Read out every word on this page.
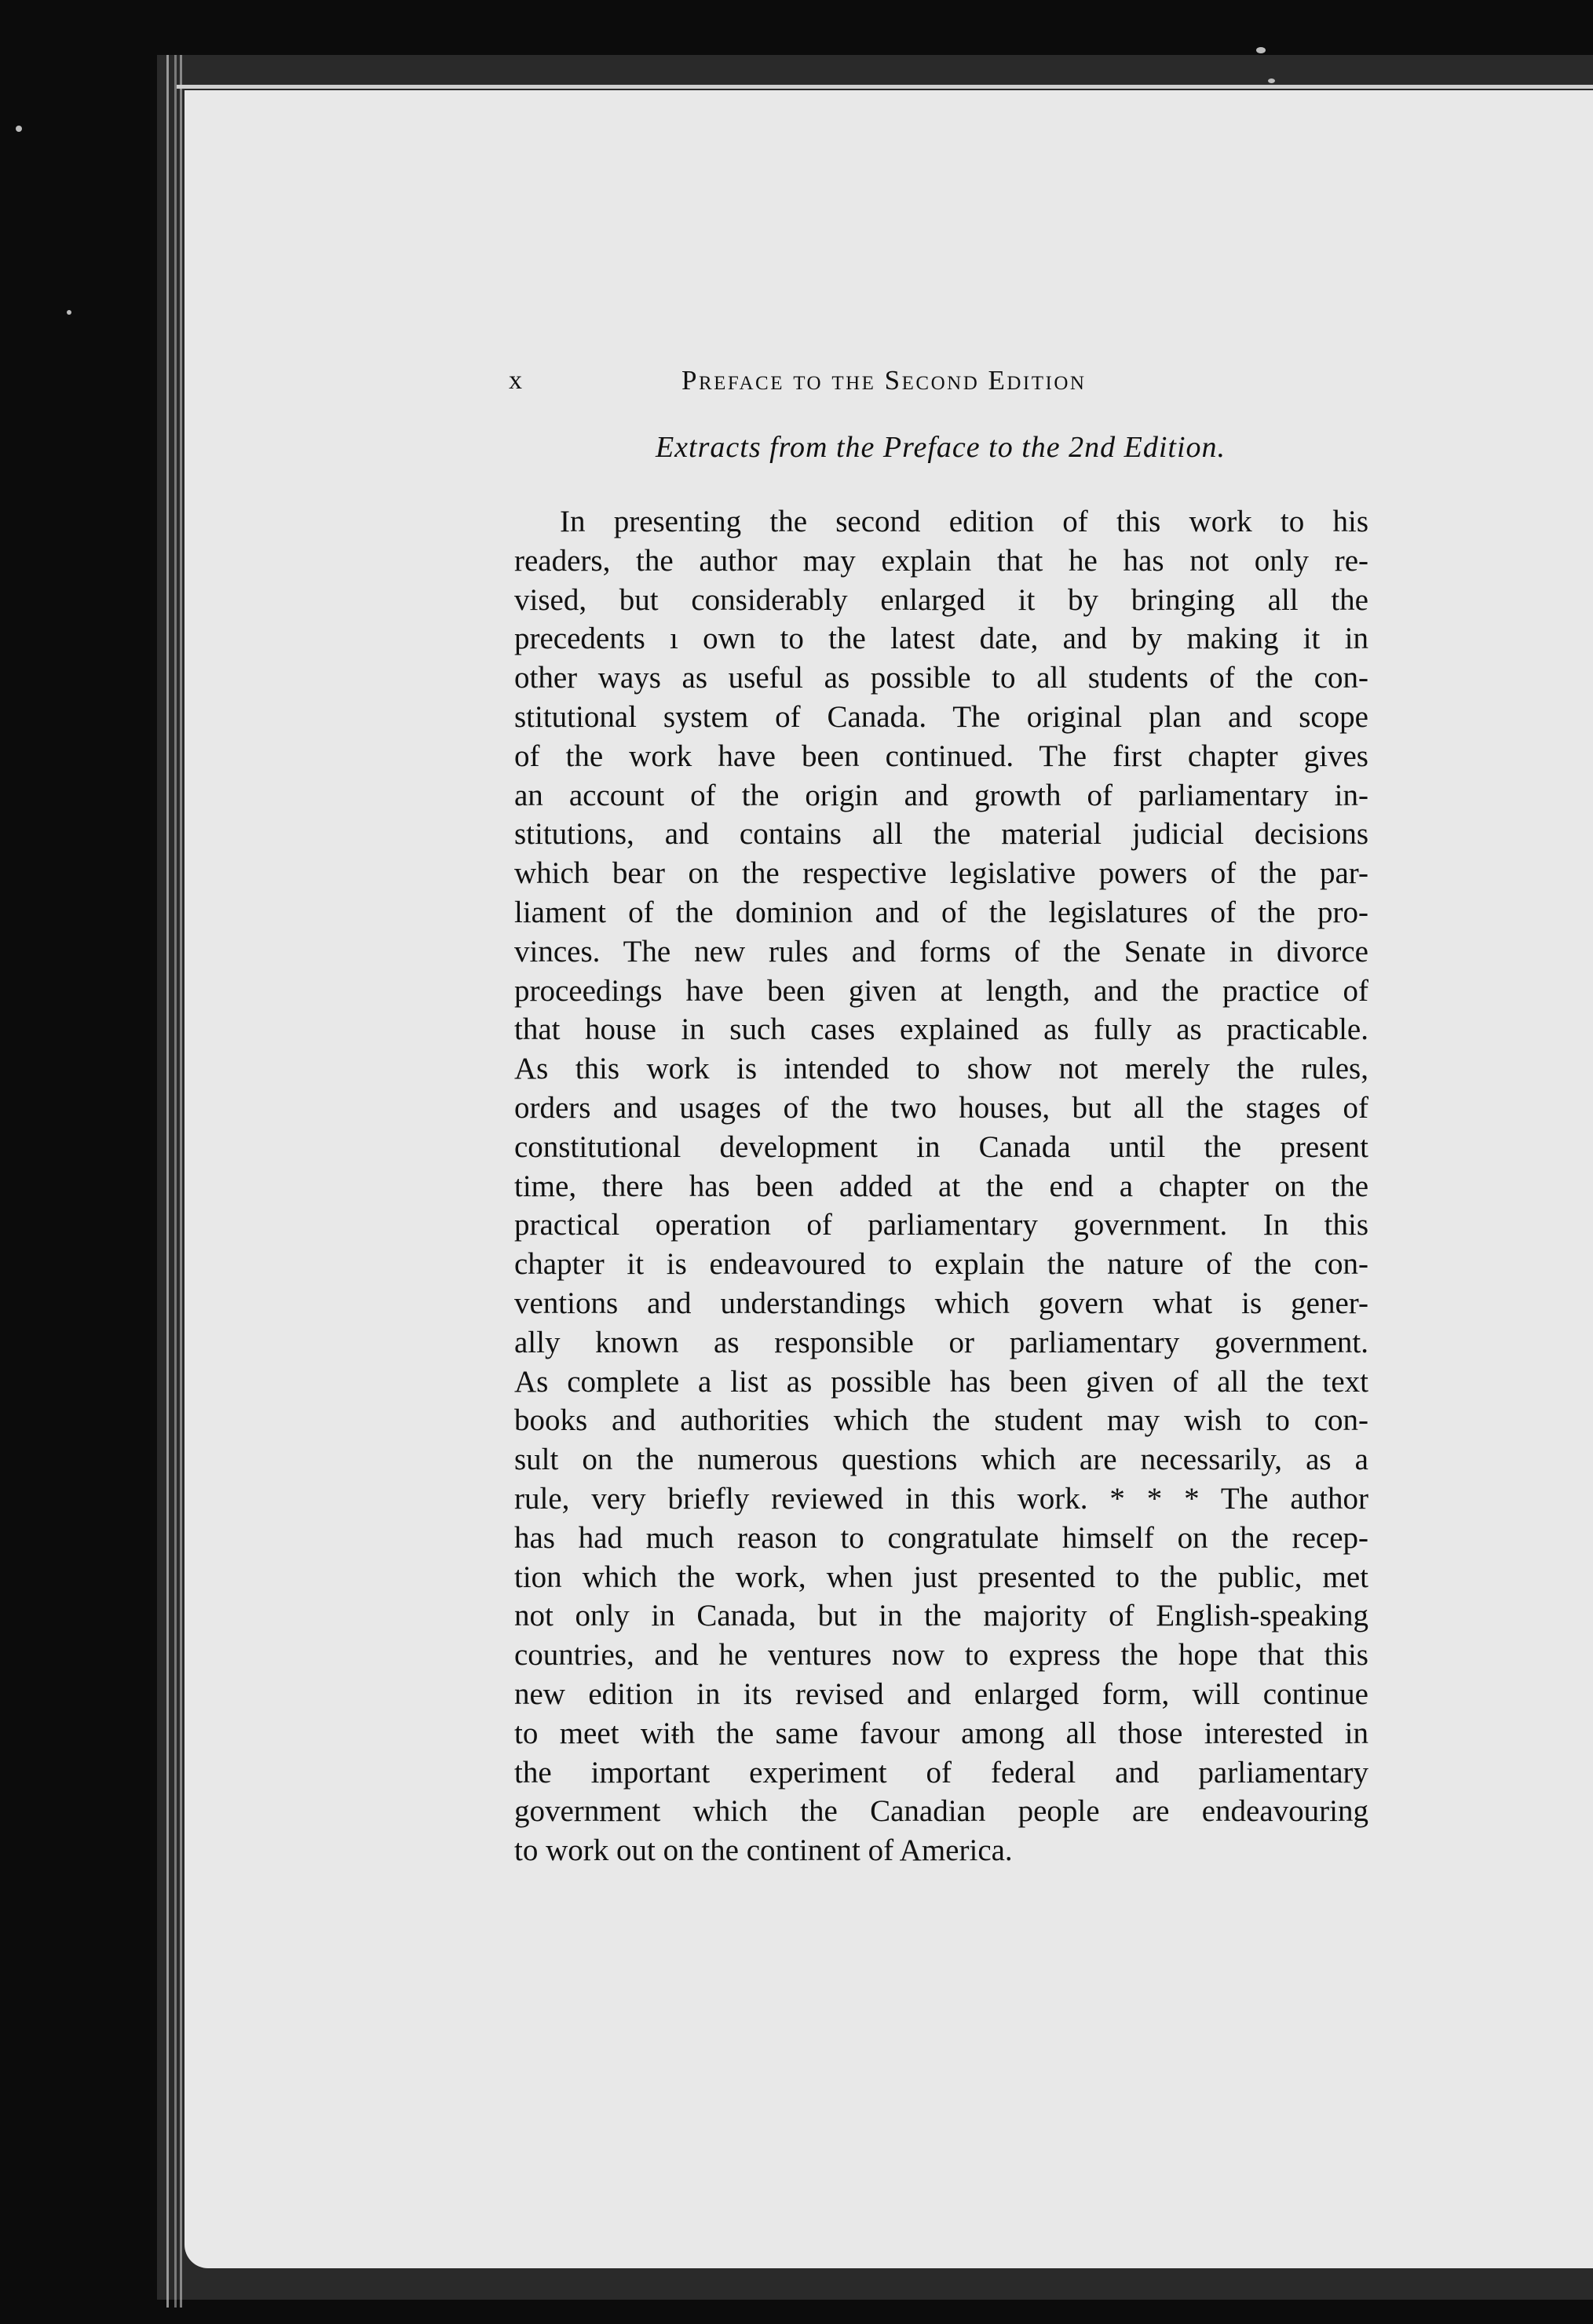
x	Preface to the Second Edition
Extracts from the Preface to the 2nd Edition.
In presenting the second edition of this work to his
readers, the author may explain that he has not only re-
vised, but considerably enlarged it by bringing all the
precedents ı own to the latest date, and by making it in
other ways as useful as possible to all students of the con-
stitutional system of Canada. The original plan and scope
of the work have been continued. The first chapter gives
an account of the origin and growth of parliamentary in-
stitutions, and contains all the material judicial decisions
which bear on the respective legislative powers of the par-
liament of the dominion and of the legislatures of the pro-
vinces. The new rules and forms of the Senate in divorce
proceedings have been given at length, and the practice of
that house in such cases explained as fully as practicable.
As this work is intended to show not merely the rules,
orders and usages of the two houses, but all the stages of
constitutional development in Canada until the present
time, there has been added at the end a chapter on the
practical operation of parliamentary government. In this
chapter it is endeavoured to explain the nature of the con-
ventions and understandings which govern what is gener-
ally known as responsible or parliamentary government.
As complete a list as possible has been given of all the text
books and authorities which the student may wish to con-
sult on the numerous questions which are necessarily, as a
rule, very briefly reviewed in this work. * * * The author
has had much reason to congratulate himself on the recep-
tion which the work, when just presented to the public, met
not only in Canada, but in the majority of English-speaking
countries, and he ventures now to express the hope that this
new edition in its revised and enlarged form, will continue
to meet wiŧh the same favour among all those interested in
the important experiment of federal and parliamentary
government which the Canadian people are endeavouring
to work out on the continent of America.
